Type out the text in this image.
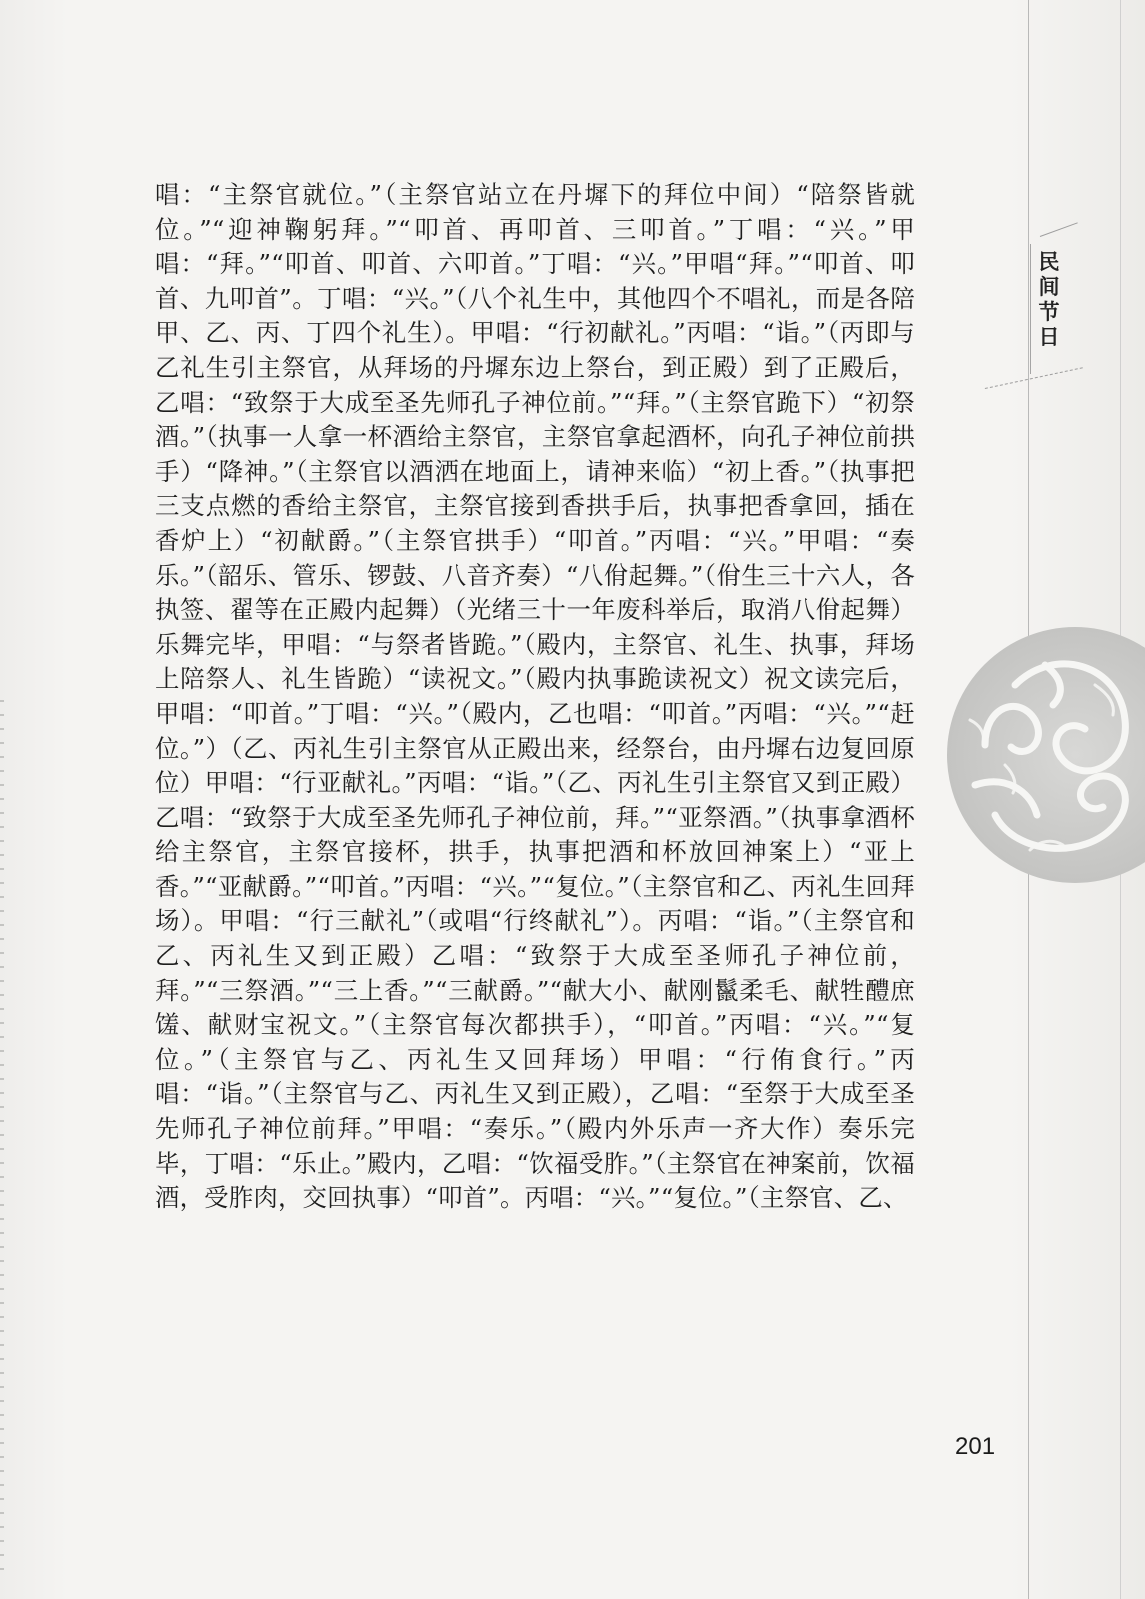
唱：“主祭官就位。”（主祭官站立在丹墀下的拜位中间）“陪祭皆就位。”“迎神鞠躬拜。”“叩首、再叩首、三叩首。”丁唱：“兴。”甲唱：“拜。”“叩首、叩首、六叩首。”丁唱：“兴。”甲唱“拜。”“叩首、叩首、九叩首”。丁唱：“兴。”（八个礼生中，其他四个不唱礼，而是各陪甲、乙、丙、丁四个礼生）。甲唱：“行初献礼。”丙唱：“诣。”（丙即与乙礼生引主祭官，从拜场的丹墀东边上祭台，到正殿）到了正殿后，乙唱：“致祭于大成至圣先师孔子神位前。”“拜。”（主祭官跪下）“初祭酒。”（执事一人拿一杯酒给主祭官，主祭官拿起酒杯，向孔子神位前拱手）“降神。”（主祭官以酒洒在地面上，请神来临）“初上香。”（执事把三支点燃的香给主祭官，主祭官接到香拱手后，执事把香拿回，插在香炉上）“初献爵。”（主祭官拱手）“叩首。”丙唱：“兴。”甲唱：“奏乐。”（韶乐、管乐、锣鼓、八音齐奏）“八佾起舞。”（佾生三十六人，各执签、翟等在正殿内起舞）（光绪三十一年废科举后，取消八佾起舞）乐舞完毕，甲唱：“与祭者皆跪。”（殿内，主祭官、礼生、执事，拜场上陪祭人、礼生皆跪）“读祝文。”（殿内执事跪读祝文）祝文读完后，甲唱：“叩首。”丁唱：“兴。”（殿内，乙也唱：“叩首。”丙唱：“兴。”“赶位。”）（乙、丙礼生引主祭官从正殿出来，经祭台，由丹墀右边复回原位）甲唱：“行亚献礼。”丙唱：“诣。”（乙、丙礼生引主祭官又到正殿）乙唱：“致祭于大成至圣先师孔子神位前，拜。”“亚祭酒。”（执事拿酒杯给主祭官，主祭官接杯，拱手，执事把酒和杯放回神案上）“亚上香。”“亚献爵。”“叩首。”丙唱：“兴。”“复位。”（主祭官和乙、丙礼生回拜场）。甲唱：“行三献礼”（或唱“行终献礼”）。丙唱：“诣。”（主祭官和乙、丙礼生又到正殿）乙唱：“致祭于大成至圣师孔子神位前，拜。”“三祭酒。”“三上香。”“三献爵。”“献大小、献刚鬣柔毛、献牲醴庶馐、献财宝祝文。”（主祭官每次都拱手），“叩首。”丙唱：“兴。”“复位。”（主祭官与乙、丙礼生又回拜场）甲唱：“行侑食行。”丙唱：“诣。”（主祭官与乙、丙礼生又到正殿），乙唱：“至祭于大成至圣先师孔子神位前拜。”甲唱：“奏乐。”（殿内外乐声一齐大作）奏乐完毕，丁唱：“乐止。”殿内，乙唱：“饮福受胙。”（主祭官在神案前，饮福酒，受胙肉，交回执事）“叩首”。丙唱：“兴。”“复位。”（主祭官、乙、

民间节日
201
